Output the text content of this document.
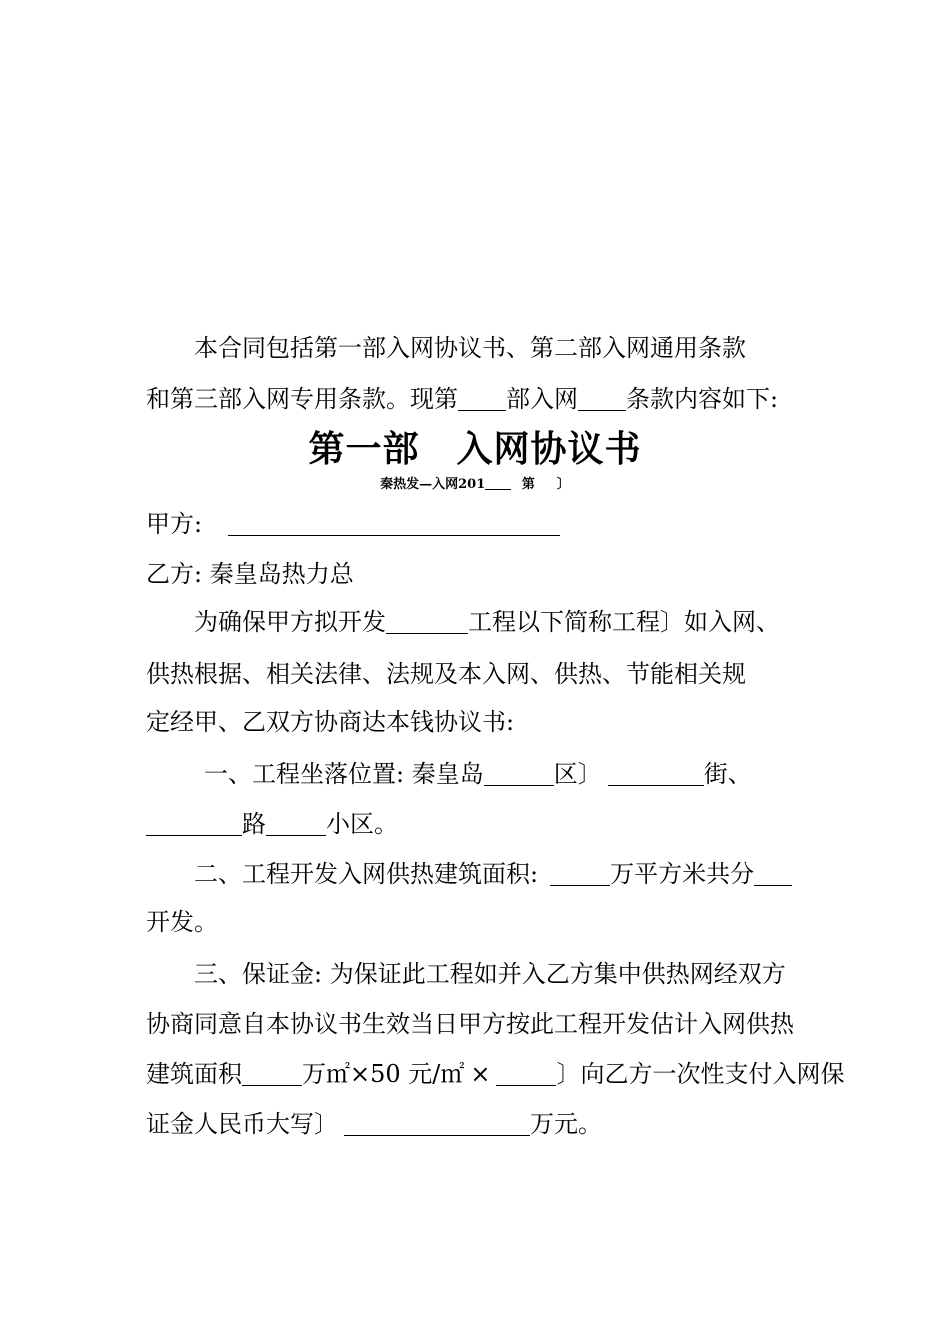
本合同包括第一部入网协议书、第二部入网通用条款
和第三部入网专用条款。现第 部入网 条款内容如下:
第一部　入网协议书
秦热发—入网201	第 〕
甲方:
乙方: 秦皇岛热力总
为确保甲方拟开发	工程以下简称工程〕如入网、
供热根据、相关法律、法规及本入网、供热、节能相关规
定经甲、乙双方协商达本钱协议书:
一、工程坐落位置: 秦皇岛	区〕	街、
路	小区。
二、工程开发入网供热建筑面积:	万平方米共分
开发。
三、保证金: 为保证此工程如并入乙方集中供热网经双方
协商同意自本协议书生效当日甲方按此工程开发估计入网供热
建筑面积	万㎡×50 元/㎡ ×	〕向乙方一次性支付入网保
证金人民币大写〕	万元。
